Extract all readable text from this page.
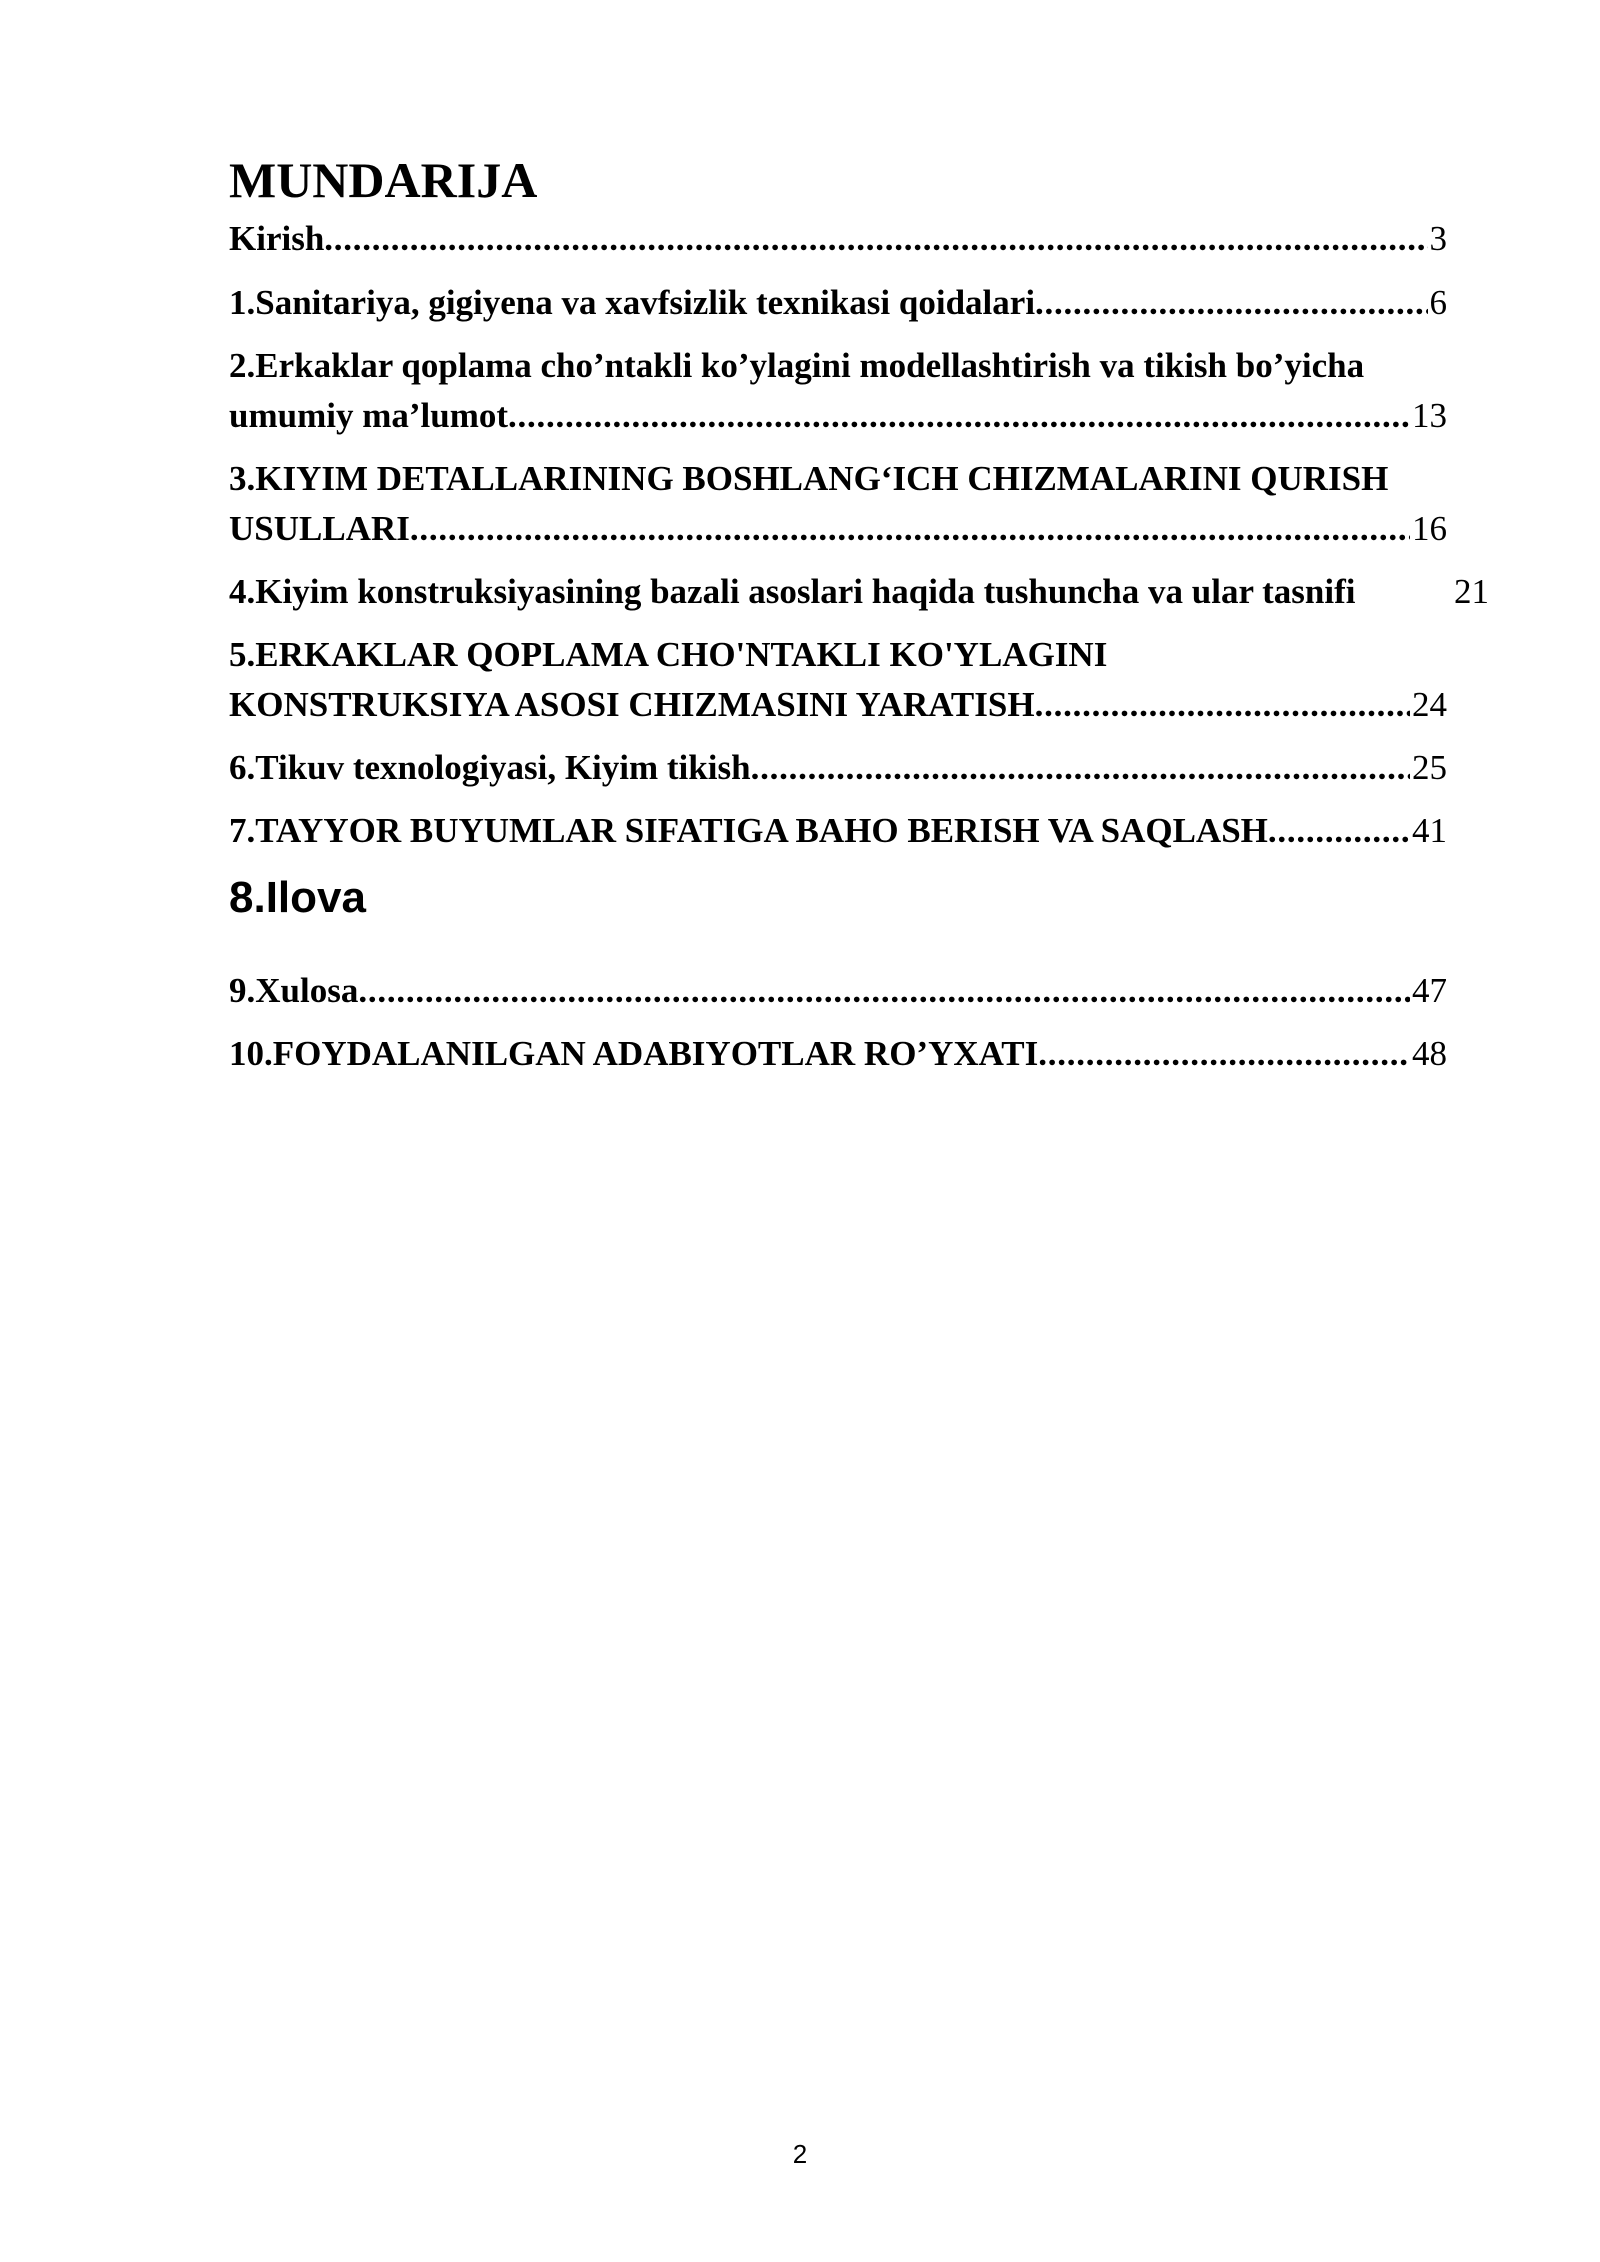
MUNDARIJA
Kirish . . .	3
1.Sanitariya, gigiyena va xavfsizlik texnikasi qoidalari . . .	6
2.Erkaklar qoplama cho’ntakli ko’ylagini modellashtirish va tikish bo’yicha
umumiy ma’lumot . . .	13
3.KIYIM DETALLARINING BOSHLANG‘ICH CHIZMALARINI QURISH
USULLARI . . .	16
4.Kiyim konstruksiyasining bazali asoslari haqida tushuncha va ular tasnifi	21
5.ERKAKLAR QOPLAMA CHO'NTAKLI KO'YLAGINI
KONSTRUKSIYA ASOSI CHIZMASINI YARATISH . . .	24
6.Tikuv texnologiyasi, Kiyim tikish . . .	25
7.TAYYOR BUYUMLAR SIFATIGA BAHO BERISH VA SAQLASH . . .	41
8.Ilova
9.Xulosa . . .	47
10.FOYDALANILGAN ADABIYOTLAR RO’YXATI . . .	48
2
